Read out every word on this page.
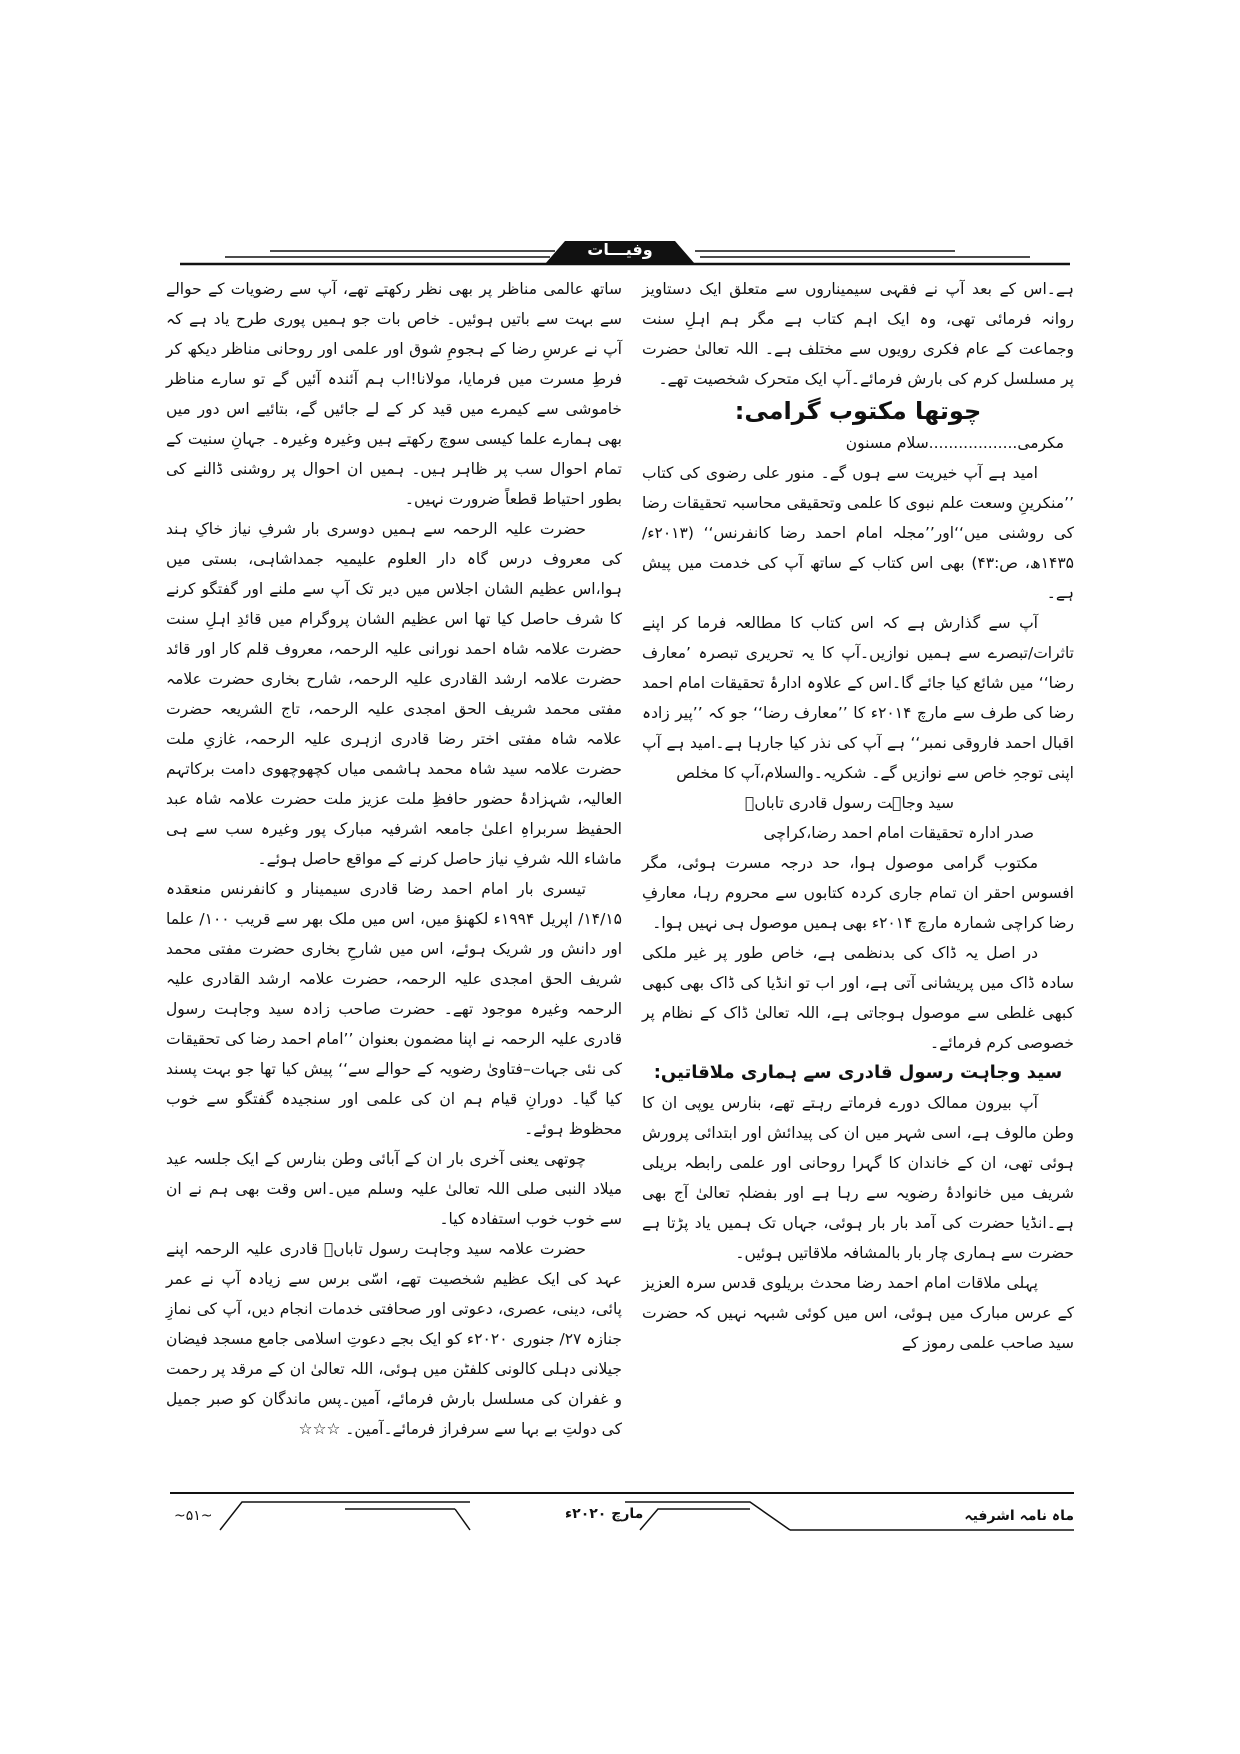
وفیـــات

ہے۔اس کے بعد آپ نے فقہی سیمیناروں سے متعلق ایک دستاویز روانہ فرمائی تھی، وہ ایک اہم کتاب ہے مگر ہم اہلِ سنت وجماعت کے عام فکری رویوں سے مختلف ہے۔ اللہ تعالیٰ حضرت پر مسلسل کرم کی بارش فرمائے۔آپ ایک متحرک شخصیت تھے۔

چوتھا مکتوب گرامی:

مکرمی..................سلام مسنون

امید ہے آپ خیریت سے ہوں گے۔ منور علی رضوی کی کتاب ’’منکرینِ وسعت علم نبوی کا علمی وتحقیقی محاسبہ تحقیقات رضا کی روشنی میں‘‘اور’’مجلہ امام احمد رضا کانفرنس‘‘ (۲۰۱۳ء/۱۴۳۵ھ، ص:۴۳) بھی اس کتاب کے ساتھ آپ کی خدمت میں پیش ہے۔

آپ سے گذارش ہے کہ اس کتاب کا مطالعہ فرما کر اپنے تاثرات/تبصرے سے ہمیں نوازیں۔آپ کا یہ تحریری تبصرہ ’معارف رضا‘‘ میں شائع کیا جائے گا۔اس کے علاوہ ادارۂ تحقیقات امام احمد رضا کی طرف سے مارچ ۲۰۱۴ء کا ’’معارف رضا‘‘ جو کہ ’’پیر زادہ اقبال احمد فاروقی نمبر‘‘ ہے آپ کی نذر کیا جارہا ہے۔امید ہے آپ اپنی توجہِ خاص سے نوازیں گے۔ شکریہ۔والسلام،آپ کا مخلص

سید وجاہت رسول قادری تاباںؔ

صدر ادارہ تحقیقات امام احمد رضا،کراچی

مکتوب گرامی موصول ہوا، حد درجہ مسرت ہوئی، مگر افسوس احقر ان تمام جاری کردہ کتابوں سے محروم رہا، معارفِ رضا کراچی شمارہ مارچ ۲۰۱۴ء بھی ہمیں موصول ہی نہیں ہوا۔

در اصل یہ ڈاک کی بدنظمی ہے، خاص طور پر غیر ملکی سادہ ڈاک میں پریشانی آتی ہے، اور اب تو انڈیا کی ڈاک بھی کبھی کبھی غلطی سے موصول ہوجاتی ہے، اللہ تعالیٰ ڈاک کے نظام پر خصوصی کرم فرمائے۔

سید وجاہت رسول قادری سے ہماری ملاقاتیں:

آپ بیرون ممالک دورے فرماتے رہتے تھے، بنارس یوپی ان کا وطن مالوف ہے، اسی شہر میں ان کی پیدائش اور ابتدائی پرورش ہوئی تھی، ان کے خاندان کا گہرا روحانی اور علمی رابطہ بریلی شریف میں خانوادۂ رضویہ سے رہا ہے اور بفضلہٖ تعالیٰ آج بھی ہے۔انڈیا حضرت کی آمد بار بار ہوئی، جہاں تک ہمیں یاد پڑتا ہے حضرت سے ہماری چار بار بالمشافہ ملاقاتیں ہوئیں۔

پہلی ملاقات امام احمد رضا محدث بریلوی قدس سرہ العزیز کے عرس مبارک میں ہوئی، اس میں کوئی شبہہ نہیں کہ حضرت سید صاحب علمی رموز کے

ساتھ عالمی مناظر پر بھی نظر رکھتے تھے، آپ سے رضویات کے حوالے سے بہت سے باتیں ہوئیں۔ خاص بات جو ہمیں پوری طرح یاد ہے کہ آپ نے عرسِ رضا کے ہجومِ شوق اور علمی اور روحانی مناظر دیکھ کر فرطِ مسرت میں فرمایا، مولانا!اب ہم آئندہ آئیں گے تو سارے مناظر خاموشی سے کیمرے میں قید کر کے لے جائیں گے، بتائیے اس دور میں بھی ہمارے علما کیسی سوچ رکھتے ہیں وغیرہ وغیرہ۔ جہانِ سنیت کے تمام احوال سب پر ظاہر ہیں۔ ہمیں ان احوال پر روشنی ڈالنے کی بطور احتیاط قطعاً ضرورت نہیں۔

حضرت علیہ الرحمہ سے ہمیں دوسری بار شرفِ نیاز خاکِ ہند کی معروف درس گاہ دار العلوم علیمیہ جمداشاہی، بستی میں ہوا،اس عظیم الشان اجلاس میں دیر تک آپ سے ملنے اور گفتگو کرنے کا شرف حاصل کیا تھا اس عظیم الشان پروگرام میں قائدِ اہلِ سنت حضرت علامہ شاہ احمد نورانی علیہ الرحمہ، معروف قلم کار اور قائد حضرت علامہ ارشد القادری علیہ الرحمہ، شارح بخاری حضرت علامہ مفتی محمد شریف الحق امجدی علیہ الرحمہ، تاج الشریعہ حضرت علامہ شاہ مفتی اختر رضا قادری ازہری علیہ الرحمہ، غازیِ ملت حضرت علامہ سید شاہ محمد ہاشمی میاں کچھوچھوی دامت برکاتہم العالیہ، شہزادۂ حضور حافظِ ملت عزیز ملت حضرت علامہ شاہ عبد الحفیظ سربراہِ اعلیٰ جامعہ اشرفیہ مبارک پور وغیرہ سب سے ہی ماشاء اللہ شرفِ نیاز حاصل کرنے کے مواقع حاصل ہوئے۔

تیسری بار امام احمد رضا قادری سیمینار و کانفرنس منعقدہ ۱۴/۱۵/ اپریل ۱۹۹۴ء لکھنؤ میں، اس میں ملک بھر سے قریب ۱۰۰/ علما اور دانش ور شریک ہوئے، اس میں شارحِ بخاری حضرت مفتی محمد شریف الحق امجدی علیہ الرحمہ، حضرت علامہ ارشد القادری علیہ الرحمہ وغیرہ موجود تھے۔ حضرت صاحب زادہ سید وجاہت رسول قادری علیہ الرحمہ نے اپنا مضمون بعنوان ’’امام احمد رضا کی تحقیقات کی نئی جہات–فتاویٰ رضویہ کے حوالے سے‘‘ پیش کیا تھا جو بہت پسند کیا گیا۔ دورانِ قیام ہم ان کی علمی اور سنجیدہ گفتگو سے خوب محظوظ ہوئے۔

چوتھی یعنی آخری بار ان کے آبائی وطن بنارس کے ایک جلسہ عید میلاد النبی صلی اللہ تعالیٰ علیہ وسلم میں۔اس وقت بھی ہم نے ان سے خوب خوب استفادہ کیا۔

حضرت علامہ سید وجاہت رسول تاباںؔ قادری علیہ الرحمہ اپنے عہد کی ایک عظیم شخصیت تھے، اسّی برس سے زیادہ آپ نے عمر پائی، دینی، عصری، دعوتی اور صحافتی خدمات انجام دیں، آپ کی نمازِ جنازہ ۲۷/ جنوری ۲۰۲۰ء کو ایک بجے دعوتِ اسلامی جامع مسجد فیضان جیلانی دہلی کالونی کلفٹن میں ہوئی، اللہ تعالیٰ ان کے مرقد پر رحمت و غفران کی مسلسل بارش فرمائے، آمین۔پس ماندگان کو صبر جمیل کی دولتِ بے بہا سے سرفراز فرمائے۔آمین۔ ☆☆☆

~۵۱~	مارچ ۲۰۲۰ء	ماہ نامہ اشرفیہ
